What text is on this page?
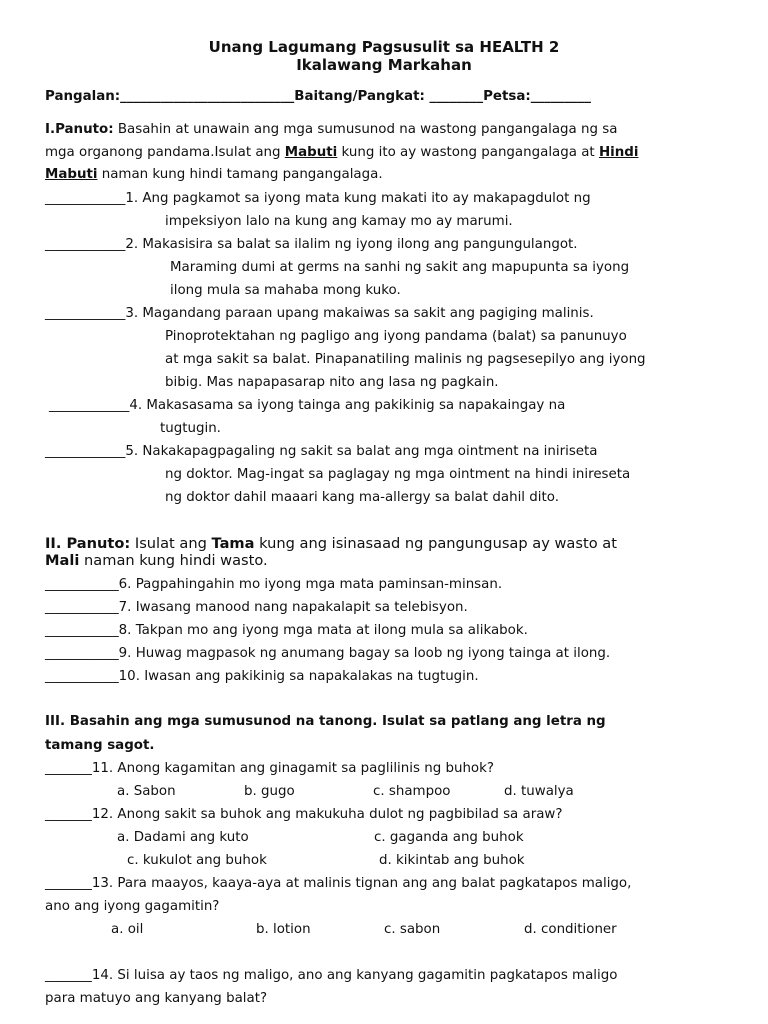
Unang Lagumang Pagsusulit sa HEALTH 2
Ikalawang Markahan
Pangalan:__________________________Baitang/Pangkat: ________Petsa:_________
I.Panuto: Basahin at unawain ang mga sumusunod na wastong pangangalaga ng sa
mga organong pandama.Isulat ang Mabuti kung ito ay wastong pangangalaga at Hindi
Mabuti naman kung hindi tamang pangangalaga.
____________1. Ang pagkamot sa iyong mata kung makati ito ay makapagdulot ng
impeksiyon lalo na kung ang kamay mo ay marumi.
____________2. Makasisira sa balat sa ilalim ng iyong ilong ang pangungulangot.
Maraming dumi at germs na sanhi ng sakit ang mapupunta sa iyong
ilong mula sa mahaba mong kuko.
____________3. Magandang paraan upang makaiwas sa sakit ang pagiging malinis.
Pinoprotektahan ng pagligo ang iyong pandama (balat) sa panunuyo
at mga sakit sa balat. Pinapanatiling malinis ng pagsesepilyo ang iyong
bibig. Mas napapasarap nito ang lasa ng pagkain.
____________4. Makasasama sa iyong tainga ang pakikinig sa napakaingay na
tugtugin.
____________5. Nakakapagpagaling ng sakit sa balat ang mga ointment na iniriseta
ng doktor. Mag-ingat sa paglagay ng mga ointment na hindi inireseta
ng doktor dahil maaari kang ma-allergy sa balat dahil dito.
II. Panuto: Isulat ang Tama kung ang isinasaad ng pangungusap ay wasto at
Mali naman kung hindi wasto.
___________6. Pagpahingahin mo iyong mga mata paminsan-minsan.
___________7. Iwasang manood nang napakalapit sa telebisyon.
___________8. Takpan mo ang iyong mga mata at ilong mula sa alikabok.
___________9. Huwag magpasok ng anumang bagay sa loob ng iyong tainga at ilong.
___________10. Iwasan ang pakikinig sa napakalakas na tugtugin.
III. Basahin ang mga sumusunod na tanong. Isulat sa patlang ang letra ng
tamang sagot.
_______11. Anong kagamitan ang ginagamit sa paglilinis ng buhok?
a. Sabon	b. gugo	c. shampoo	d. tuwalya
_______12. Anong sakit sa buhok ang makukuha dulot ng pagbibilad sa araw?
a. Dadami ang kuto	c. gaganda ang buhok
c. kukulot ang buhok	d. kikintab ang buhok
_______13. Para maayos, kaaya-aya at malinis tignan ang ang balat pagkatapos maligo,
ano ang iyong gagamitin?
a. oil	b. lotion	c. sabon	d. conditioner
_______14. Si luisa ay taos ng maligo, ano ang kanyang gagamitin pagkatapos maligo
para matuyo ang kanyang balat?
